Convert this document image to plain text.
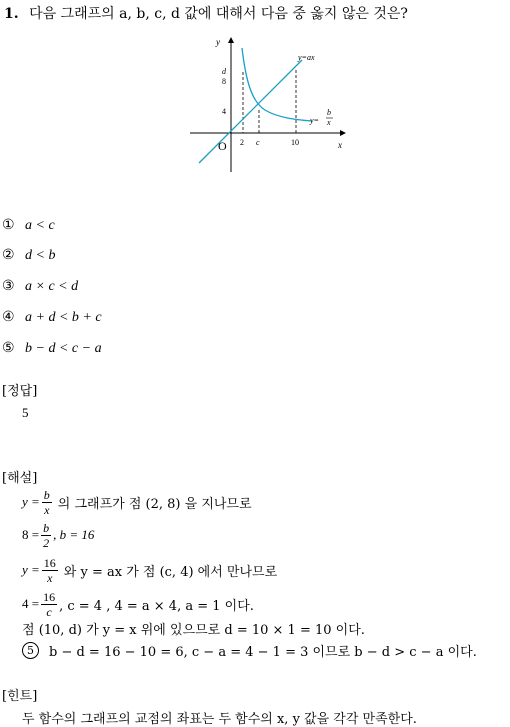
1. 다음 그래프의 a, b, c, d 값에 대해서 다음 중 옳지 않은 것은?
y
x
y=ax
y=
b
x
O 2 c	10
4
d
8
① a < c
② d < b
③ a × c < d
④ a + d < b + c
⑤ b − d < c − a
[정답]
5
[해설]
$y = \frac{b}{x}$ 의 그래프가 점 (2, 8) 을 지나므로
$8 = \frac{b}{2}$ , b = 16
$y = \frac{16}{x}$ 와 y = ax 가 점 (c, 4) 에서 만나므로
$4 = \frac{16}{c}$ , c = 4 , 4 = a × 4, a = 1 이다.
점 (10, d) 가 y = x 위에 있으므로 d = 10 × 1 = 10 이다.
5	b − d = 16 − 10 = 6, c − a = 4 − 1 = 3 이므로 b − d > c − a 이다.
[힌트]
두 함수의 그래프의 교점의 좌표는 두 함수의 x, y 값을 각각 만족한다.
